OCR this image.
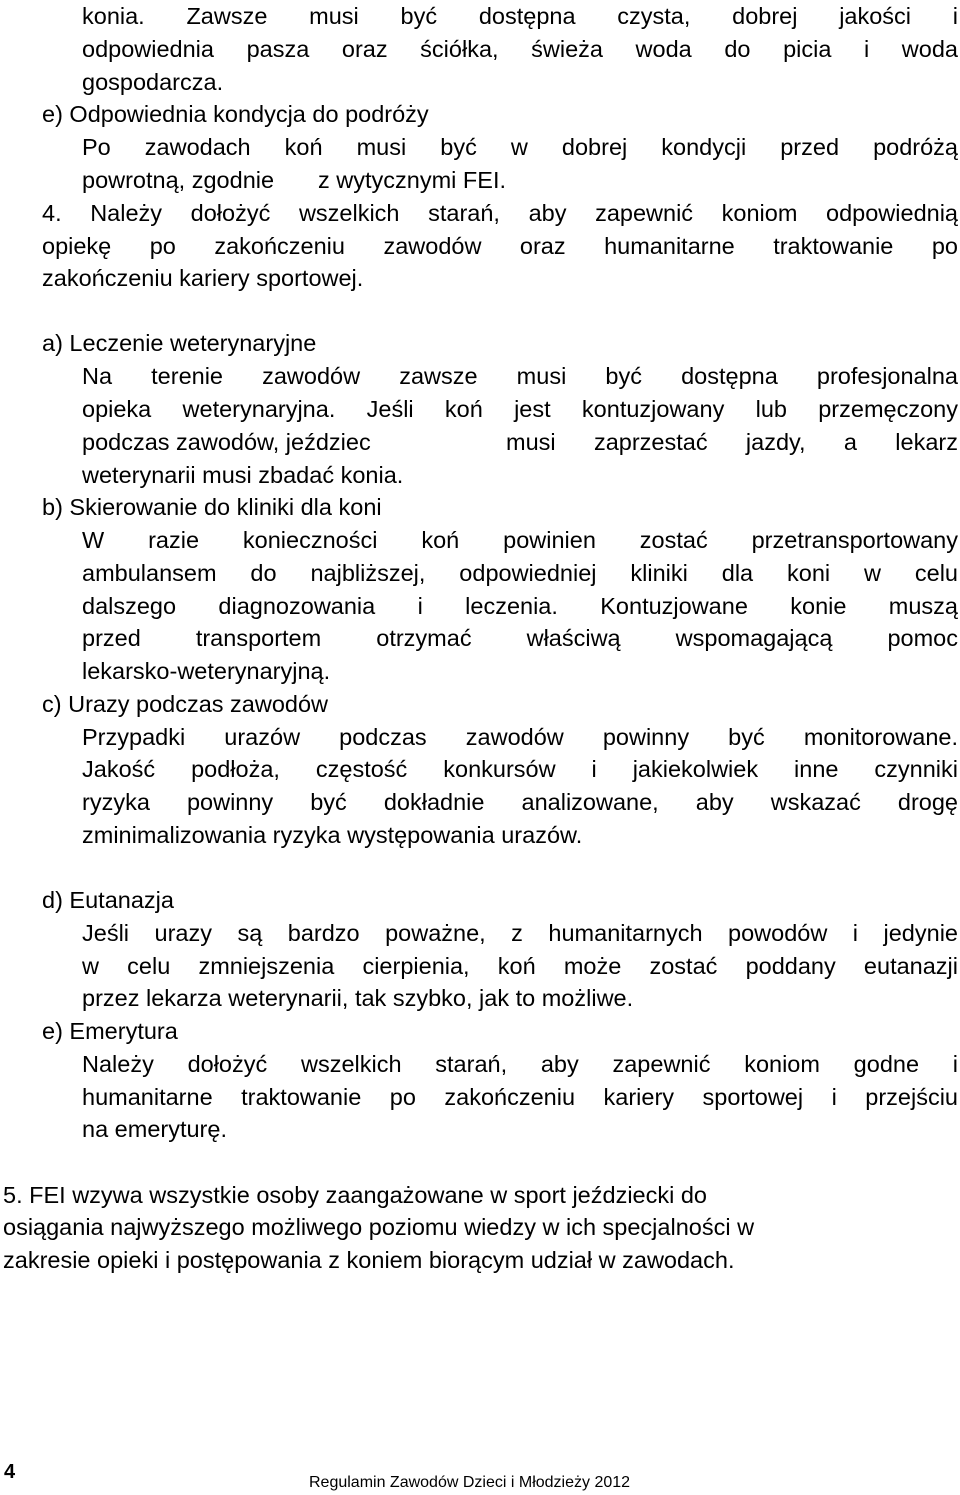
konia. Zawsze musi być dostępna czysta, dobrej jakości i

odpowiednia pasza oraz ściółka, świeża woda do picia i woda

gospodarcza.

e) Odpowiednia kondycja do podróży

Po zawodach koń musi być w dobrej kondycji przed podróżą

powrotną, zgodnie z wytycznymi FEI.

4. Należy dołożyć wszelkich starań, aby zapewnić koniom odpowiednią

opiekę po zakończeniu zawodów oraz humanitarne traktowanie po

zakończeniu kariery sportowej.

a) Leczenie weterynaryjne

Na terenie zawodów zawsze musi być dostępna profesjonalna

opieka weterynaryjna. Jeśli koń jest kontuzjowany lub przemęczony

podczas zawodów, jeździec	musi zaprzestać jazdy, a lekarz

weterynarii musi zbadać konia.

b) Skierowanie do kliniki dla koni

W razie konieczności koń powinien zostać przetransportowany

ambulansem do najbliższej, odpowiedniej kliniki dla koni w celu

dalszego diagnozowania i leczenia. Kontuzjowane konie muszą

przed transportem otrzymać właściwą wspomagającą pomoc

lekarsko-weterynaryjną.

c) Urazy podczas zawodów

Przypadki urazów podczas zawodów powinny być monitorowane.

Jakość podłoża, częstość konkursów i jakiekolwiek inne czynniki

ryzyka powinny być dokładnie analizowane, aby wskazać drogę

zminimalizowania ryzyka występowania urazów.

d) Eutanazja

Jeśli urazy są bardzo poważne, z humanitarnych powodów i jedynie

w celu zmniejszenia cierpienia, koń może zostać poddany eutanazji

przez lekarza weterynarii, tak szybko, jak to możliwe.

e) Emerytura

Należy dołożyć wszelkich starań, aby zapewnić koniom godne i

humanitarne traktowanie po zakończeniu kariery sportowej i przejściu

na emeryturę.

5. FEI wzywa wszystkie osoby zaangażowane w sport jeździecki do

osiągania najwyższego możliwego poziomu wiedzy w ich specjalności w

zakresie opieki i postępowania z koniem biorącym udział w zawodach.

4	Regulamin Zawodów Dzieci i Młodzieży 2012
